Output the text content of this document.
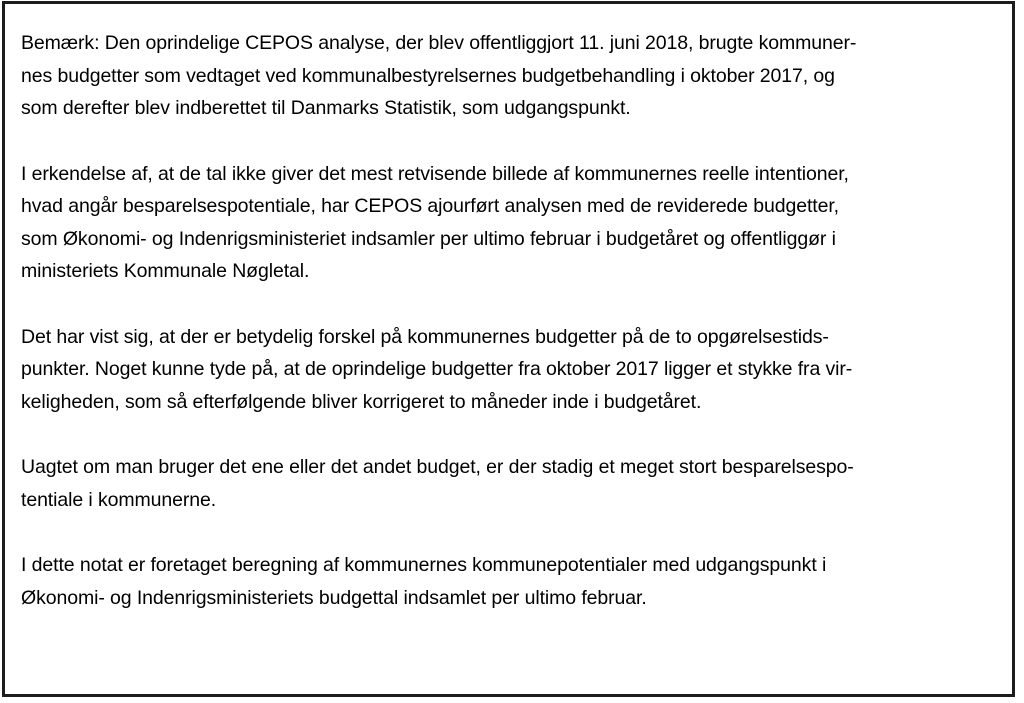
Bemærk: Den oprindelige CEPOS analyse, der blev offentliggjort 11. juni 2018, brugte kommuner-
nes budgetter som vedtaget ved kommunalbestyrelsernes budgetbehandling i oktober 2017, og
som derefter blev indberettet til Danmarks Statistik, som udgangspunkt.
I erkendelse af, at de tal ikke giver det mest retvisende billede af kommunernes reelle intentioner,
hvad angår besparelsespotentiale, har CEPOS ajourført analysen med de reviderede budgetter,
som Økonomi- og Indenrigsministeriet indsamler per ultimo februar i budgetåret og offentliggør i
ministeriets Kommunale Nøgletal.
Det har vist sig, at der er betydelig forskel på kommunernes budgetter på de to opgørelsestids-
punkter. Noget kunne tyde på, at de oprindelige budgetter fra oktober 2017 ligger et stykke fra vir-
keligheden, som så efterfølgende bliver korrigeret to måneder inde i budgetåret.
Uagtet om man bruger det ene eller det andet budget, er der stadig et meget stort besparelsespo-
tentiale i kommunerne.
I dette notat er foretaget beregning af kommunernes kommunepotentialer med udgangspunkt i
Økonomi- og Indenrigsministeriets budgettal indsamlet per ultimo februar.
